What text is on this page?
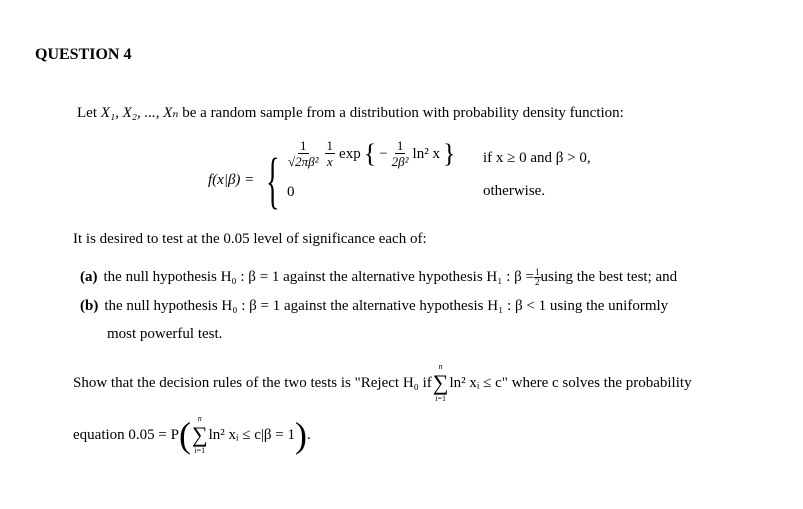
QUESTION 4
Let X₁, X₂, ..., Xₙ be a random sample from a distribution with probability density function:
f(x|β) = { $\frac{1}{\text{√2πβ²}} \frac{1}{x}$ exp { − $\frac{1}{\text{2β²}} \ln^2$ x } if x ≥ 0 and β > 0,
0	otherwise.
It is desired to test at the 0.05 level of significance each of:
(a) the null hypothesis H₀ : β = 1 against the alternative hypothesis H₁ : $\beta = \frac{1}{2}$ using the best test; and
(b) the null hypothesis H₀ : β = 1 against the alternative hypothesis H₁ : β < 1 using the uniformly
most powerful test.
Show that the decision rules of the two tests is "Reject H₀ if
n
∑
i=1
ln² xᵢ ≤ c" where c solves the probability
equation 0.05 = P ( n
∑
i=1
ln² xᵢ ≤ c|β = 1 ) .
